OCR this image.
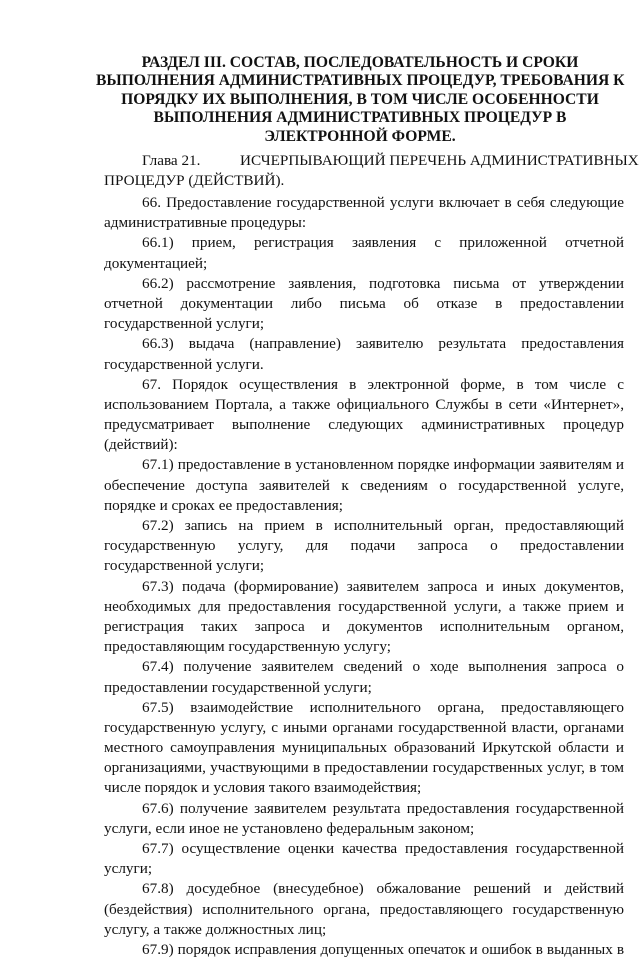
РАЗДЕЛ III. СОСТАВ, ПОСЛЕДОВАТЕЛЬНОСТЬ И СРОКИ
ВЫПОЛНЕНИЯ АДМИНИСТРАТИВНЫХ ПРОЦЕДУР, ТРЕБОВАНИЯ К
ПОРЯДКУ ИХ ВЫПОЛНЕНИЯ, В ТОМ ЧИСЛЕ ОСОБЕННОСТИ
ВЫПОЛНЕНИЯ АДМИНИСТРАТИВНЫХ ПРОЦЕДУР В
ЭЛЕКТРОННОЙ ФОРМЕ.
Глава 21.	ИСЧЕРПЫВАЮЩИЙ ПЕРЕЧЕНЬ АДМИНИСТРАТИВНЫХ
ПРОЦЕДУР (ДЕЙСТВИЙ).
66. Предоставление государственной услуги включает в себя следующие
административные процедуры:
66.1) прием, регистрация заявления с приложенной отчетной
документацией;
66.2) рассмотрение заявления, подготовка письма от утверждении
отчетной документации либо письма об отказе в предоставлении
государственной услуги;
66.3) выдача (направление) заявителю результата предоставления
государственной услуги.
67. Порядок осуществления в электронной форме, в том числе с
использованием Портала, а также официального Службы в сети «Интернет»,
предусматривает выполнение следующих административных процедур
(действий):
67.1) предоставление в установленном порядке информации заявителям и
обеспечение доступа заявителей к сведениям о государственной услуге,
порядке и сроках ее предоставления;
67.2) запись на прием в исполнительный орган, предоставляющий
государственную услугу, для подачи запроса о предоставлении
государственной услуги;
67.3) подача (формирование) заявителем запроса и иных документов,
необходимых для предоставления государственной услуги, а также прием и
регистрация таких запроса и документов исполнительным органом,
предоставляющим государственную услугу;
67.4) получение заявителем сведений о ходе выполнения запроса о
предоставлении государственной услуги;
67.5) взаимодействие исполнительного органа, предоставляющего
государственную услугу, с иными органами государственной власти, органами
местного самоуправления муниципальных образований Иркутской области и
организациями, участвующими в предоставлении государственных услуг, в том
числе порядок и условия такого взаимодействия;
67.6) получение заявителем результата предоставления государственной
услуги, если иное не установлено федеральным законом;
67.7) осуществление оценки качества предоставления государственной
услуги;
67.8) досудебное (внесудебное) обжалование решений и действий
(бездействия) исполнительного органа, предоставляющего государственную
услугу, а также должностных лиц;
67.9) порядок исправления допущенных опечаток и ошибок в выданных в
